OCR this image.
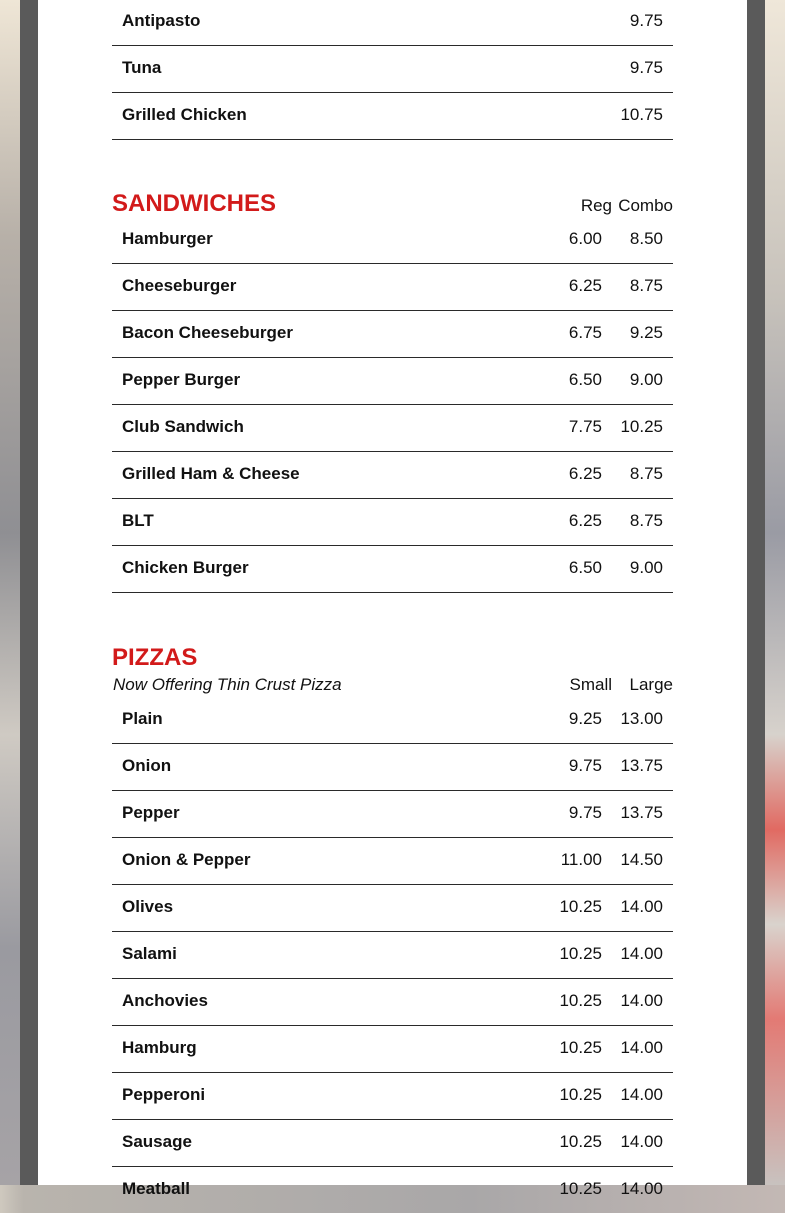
Antipasto	9.75
Tuna	9.75
Grilled Chicken	10.75
SANDWICHES	Reg Combo
Hamburger	6.00 8.50
Cheeseburger	6.25 8.75
Bacon Cheeseburger	6.75 9.25
Pepper Burger	6.50 9.00
Club Sandwich	7.75 10.25
Grilled Ham & Cheese	6.25 8.75
BLT	6.25 8.75
Chicken Burger	6.50 9.00
PIZZAS
Now Offering Thin Crust Pizza	Small Large
Plain	9.25 13.00
Onion	9.75 13.75
Pepper	9.75 13.75
Onion & Pepper	11.00 14.50
Olives	10.25 14.00
Salami	10.25 14.00
Anchovies	10.25 14.00
Hamburg	10.25 14.00
Pepperoni	10.25 14.00
Sausage	10.25 14.00
Meatball	10.25 14.00
